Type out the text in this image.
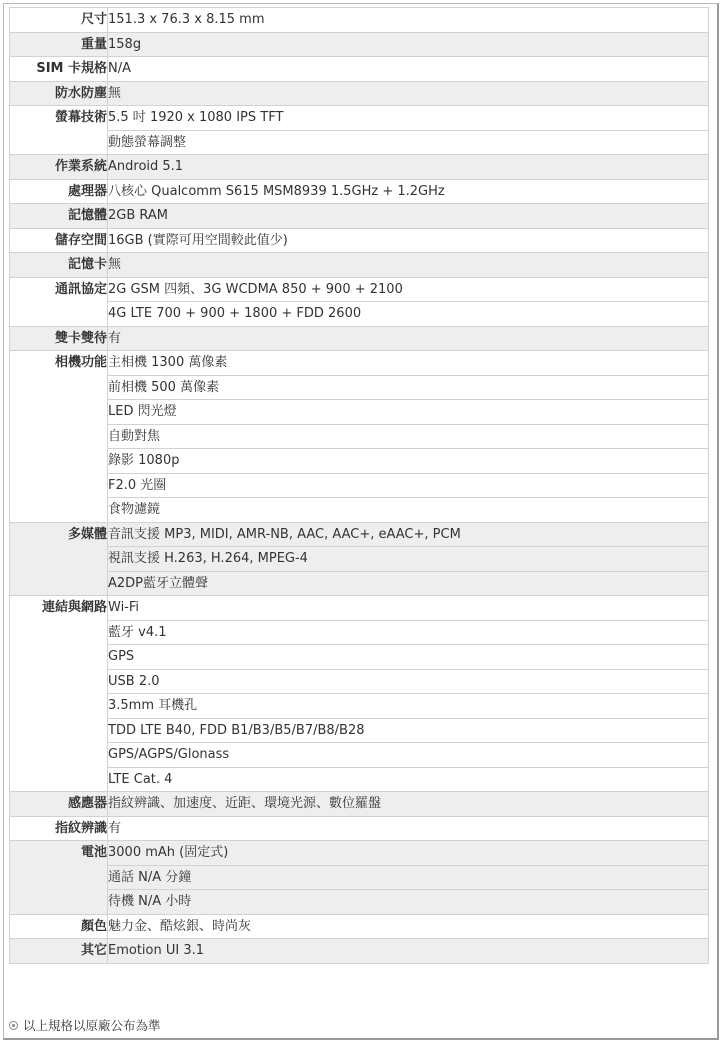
尺寸	151.3 x 76.3 x 8.15 mm
重量	158g
SIM 卡規格	N/A
防水防塵	無
螢幕技術	5.5 吋 1920 x 1080 IPS TFT
	動態螢幕調整
作業系統	Android 5.1
處理器	八核心 Qualcomm S615 MSM8939 1.5GHz + 1.2GHz
記憶體	2GB RAM
儲存空間	16GB (實際可用空間較此值少)
記憶卡	無
通訊協定	2G GSM 四頻、3G WCDMA 850 + 900 + 2100
	4G LTE 700 + 900 + 1800 + FDD 2600
雙卡雙待	有
相機功能	主相機 1300 萬像素
	前相機 500 萬像素
	LED 閃光燈
	自動對焦
	錄影 1080p
	F2.0 光圈
	食物濾鏡
多媒體	音訊支援 MP3, MIDI, AMR-NB, AAC, AAC+, eAAC+, PCM
	視訊支援 H.263, H.264, MPEG-4
	A2DP藍牙立體聲
連結與網路	Wi-Fi
	藍牙 v4.1
	GPS
	USB 2.0
	3.5mm 耳機孔
	TDD LTE B40, FDD B1/B3/B5/B7/B8/B28
	GPS/AGPS/Glonass
	LTE Cat. 4
感應器	指紋辨識、加速度、近距、環境光源、數位羅盤
指紋辨識	有
電池	3000 mAh (固定式)
	通話 N/A 分鐘
	待機 N/A 小時
顏色	魅力金、酷炫銀、時尚灰
其它	Emotion UI 3.1
以上規格以原廠公布為準
